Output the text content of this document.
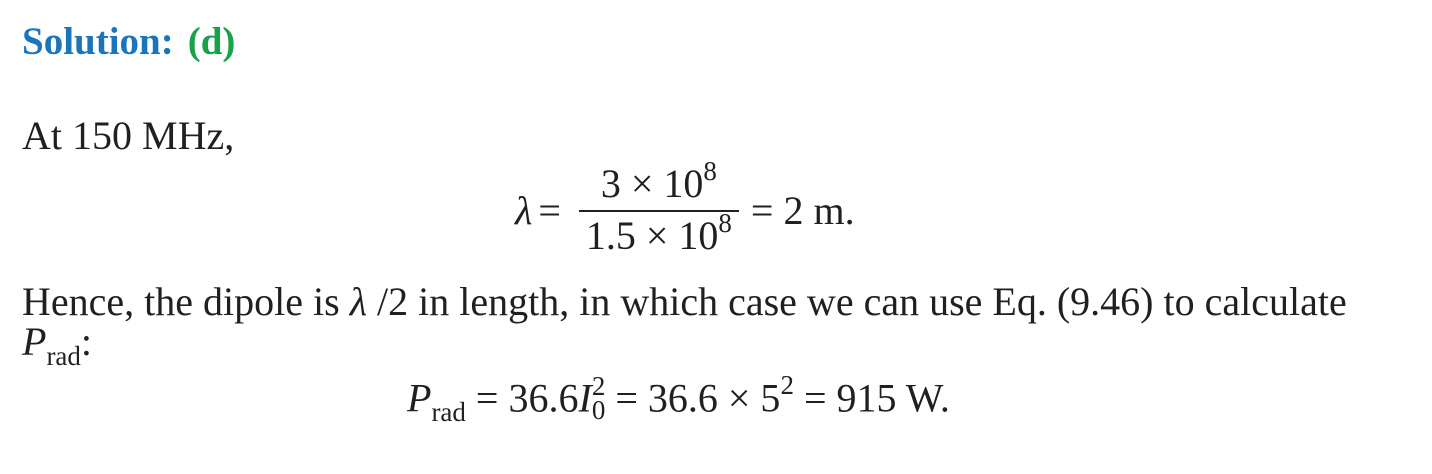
Solution: (d)
At 150 MHz,
$\lambda = \frac{3 \times 10^8}{1.5 \times 10^8} = 2$ m.
Hence, the dipole is λ /2 in length, in which case we can use Eq. (9.46) to calculate
$P_{rad}$:
$P_{rad} = 36.6I$ 2
$0 = 36.6 \times 5^2 = 915$ W.
